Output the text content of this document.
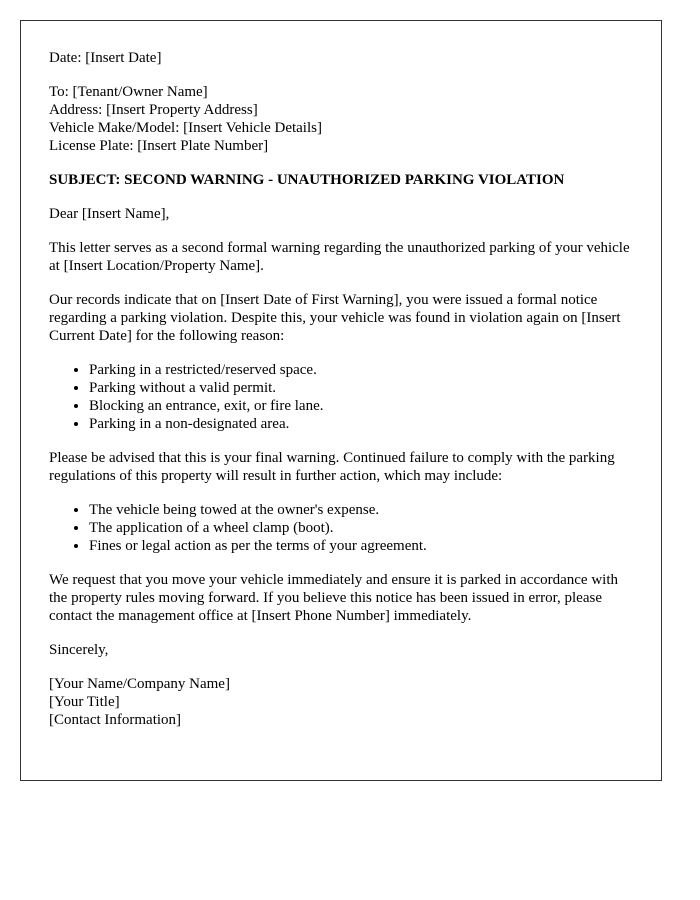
Date: [Insert Date]

To: [Tenant/Owner Name]
Address: [Insert Property Address]
Vehicle Make/Model: [Insert Vehicle Details]
License Plate: [Insert Plate Number]

SUBJECT: SECOND WARNING - UNAUTHORIZED PARKING VIOLATION

Dear [Insert Name],

This letter serves as a second formal warning regarding the unauthorized parking of your vehicle at [Insert Location/Property Name].

Our records indicate that on [Insert Date of First Warning], you were issued a formal notice regarding a parking violation. Despite this, your vehicle was found in violation again on [Insert Current Date] for the following reason:

• Parking in a restricted/reserved space.
• Parking without a valid permit.
• Blocking an entrance, exit, or fire lane.
• Parking in a non-designated area.

Please be advised that this is your final warning. Continued failure to comply with the parking regulations of this property will result in further action, which may include:

• The vehicle being towed at the owner's expense.
• The application of a wheel clamp (boot).
• Fines or legal action as per the terms of your agreement.

We request that you move your vehicle immediately and ensure it is parked in accordance with the property rules moving forward. If you believe this notice has been issued in error, please contact the management office at [Insert Phone Number] immediately.

Sincerely,

[Your Name/Company Name]
[Your Title]
[Contact Information]
